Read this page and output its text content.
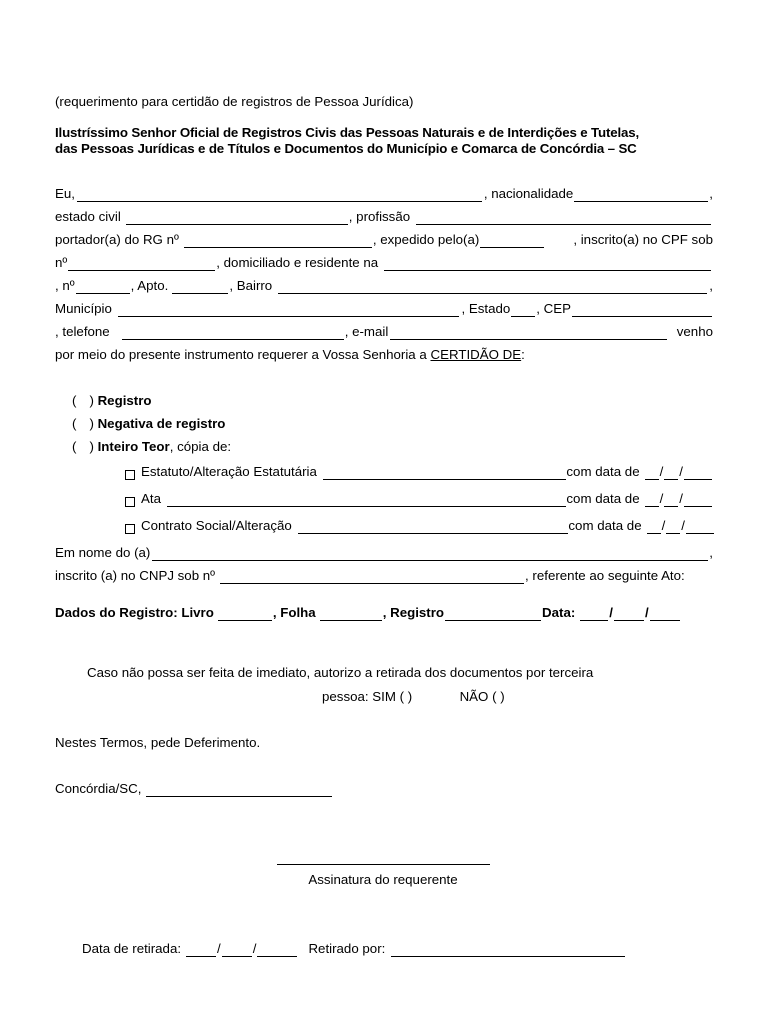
(requerimento para certidão de registros de Pessoa Jurídica)
Ilustríssimo Senhor Oficial de Registros Civis das Pessoas Naturais e de Interdições e Tutelas,
das Pessoas Jurídicas e de Títulos e Documentos do Município e Comarca de Concórdia – SC
Eu,	, nacionalidade	,
estado civil	, profissão
portador(a) do RG nº	, expedido pelo(a)	, inscrito(a) no CPF sob
nº	, domiciliado e residente na
, nº	, Apto.	, Bairro	,
Município	, Estado , CEP
, telefone	, e-mail	venho
por meio do presente instrumento requerer a Vossa Senhoria a CERTIDÃO DE:
( ) Registro
( ) Negativa de registro
( ) Inteiro Teor, cópia de:
Estatuto/Alteração Estatutária	com data de / /
Ata	com data de / /
Contrato Social/Alteração	com data de / /
Em nome do (a)	,
inscrito (a) no CNPJ sob nº	, referente ao seguinte Ato:
Dados do Registro: Livro	, Folha	, Registro	Data:	/ /
Caso não possa ser feita de imediato, autorizo a retirada dos documentos por terceira
pessoa: SIM ( )	NÃO ( )
Nestes Termos, pede Deferimento.
Concórdia/SC,
Assinatura do requerente
Data de retirada:	/ /	Retirado por:
